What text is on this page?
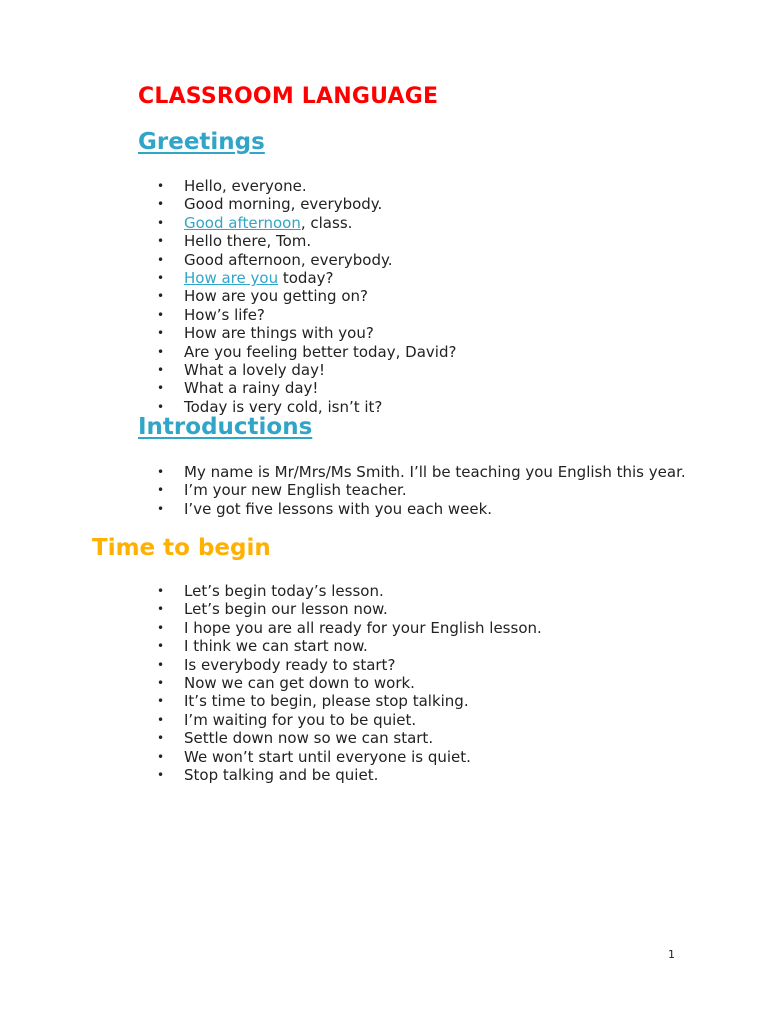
CLASSROOM LANGUAGE
Greetings
• Hello, everyone.
• Good morning, everybody.
• Good afternoon, class.
• Hello there, Tom.
• Good afternoon, everybody.
• How are you today?
• How are you getting on?
• How’s life?
• How are things with you?
• Are you feeling better today, David?
• What a lovely day!
• What a rainy day!
• Today is very cold, isn’t it?
Introductions
• My name is Mr/Mrs/Ms Smith. I’ll be teaching you English this year.
• I’m your new English teacher.
• I’ve got five lessons with you each week.
Time to begin
• Let’s begin today’s lesson.
• Let’s begin our lesson now.
• I hope you are all ready for your English lesson.
• I think we can start now.
• Is everybody ready to start?
• Now we can get down to work.
• It’s time to begin, please stop talking.
• I’m waiting for you to be quiet.
• Settle down now so we can start.
• We won’t start until everyone is quiet.
• Stop talking and be quiet.
1
